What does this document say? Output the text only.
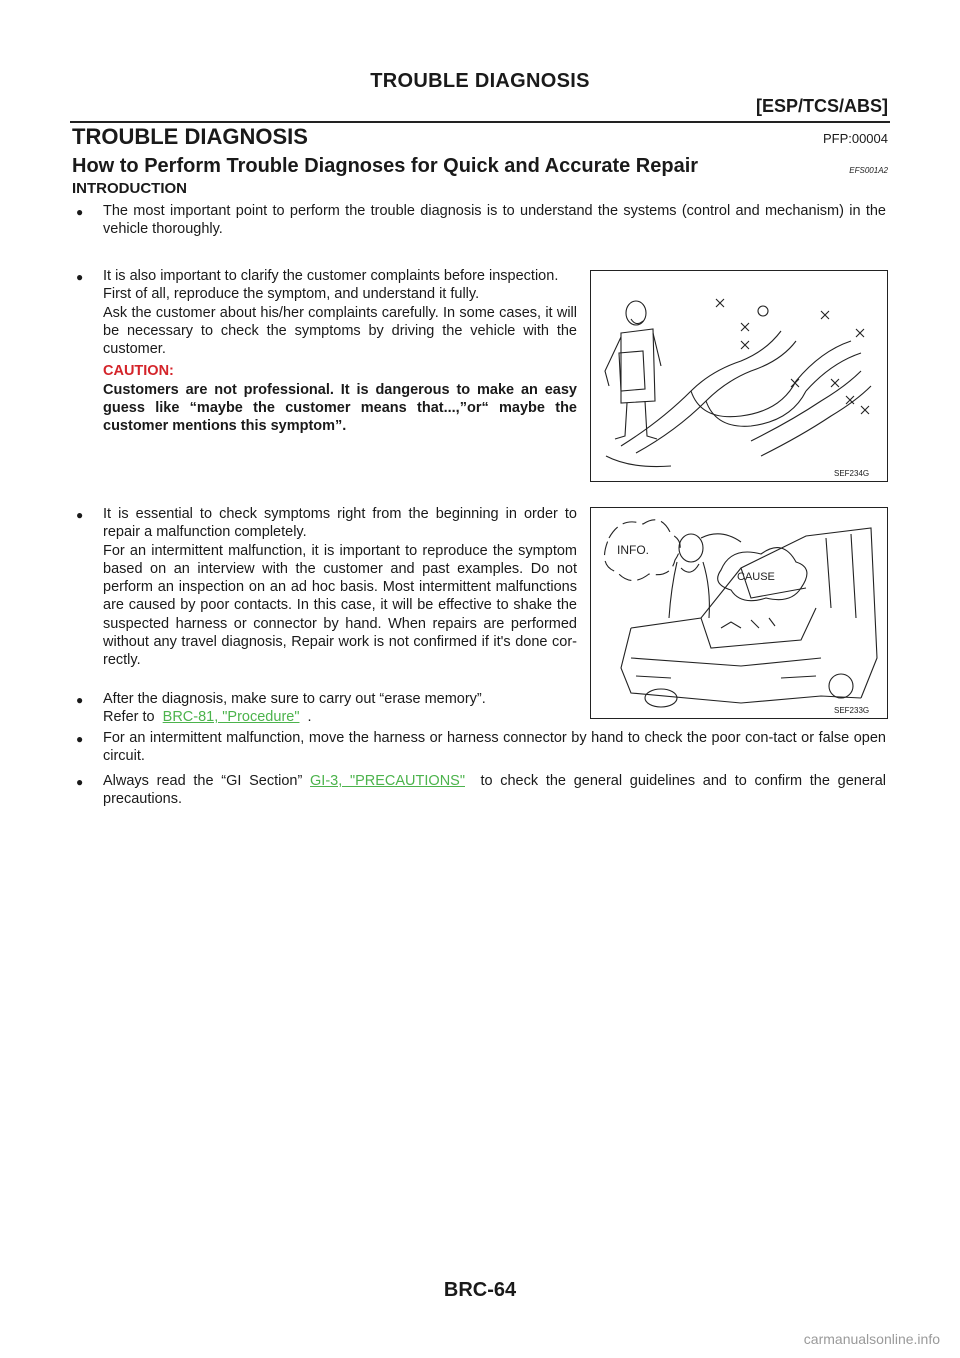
TROUBLE DIAGNOSIS
[ESP/TCS/ABS]
TROUBLE DIAGNOSIS	PFP:00004
How to Perform Trouble Diagnoses for Quick and Accurate Repair	EFS001A2
INTRODUCTION
● The most important point to perform the trouble diagnosis is to understand the systems (control and mechanism) in the vehicle thoroughly.
● It is also important to clarify the customer complaints before inspection.
First of all, reproduce the symptom, and understand it fully.
Ask the customer about his/her complaints carefully. In some cases, it will be necessary to check the symptoms by driving the vehicle with the customer.
CAUTION:
Customers are not professional. It is dangerous to make an easy guess like “maybe the customer means that...,”or“ maybe the customer mentions this symptom”.
SEF234G
● It is essential to check symptoms right from the beginning in order to repair a malfunction completely.
For an intermittent malfunction, it is important to reproduce the symptom based on an interview with the customer and past examples. Do not perform an inspection on an ad hoc basis. Most intermittent malfunctions are caused by poor contacts. In this case, it will be effective to shake the suspected harness or connector by hand. When repairs are performed without any travel diagnosis, Repair work is not confirmed if it's done cor-rectly.
● After the diagnosis, make sure to carry out “erase memory”.
Refer to BRC-81, "Procedure" .
INFO.
CAUSE
SEF233G
● For an intermittent malfunction, move the harness or harness connector by hand to check the poor con-tact or false open circuit.
● Always read the “GI Section” GI-3, "PRECAUTIONS" to check the general guidelines and to confirm the general precautions.
BRC-64
carmanualsonline.info
